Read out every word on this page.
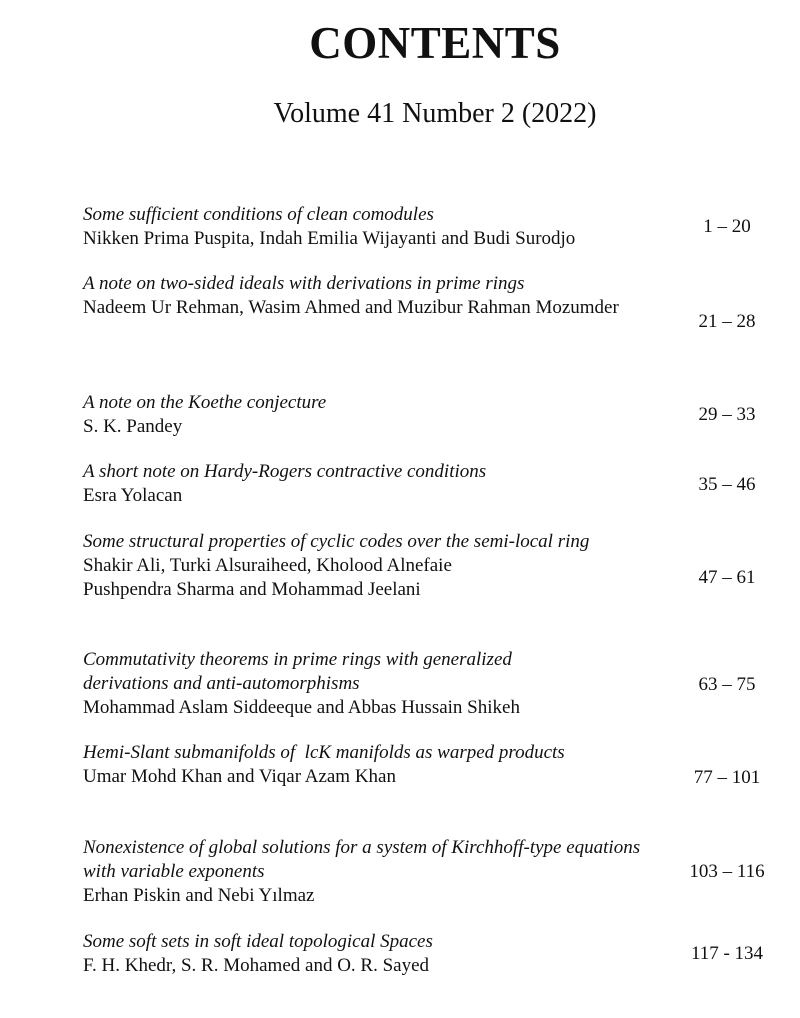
CONTENTS
Volume 41 Number 2 (2022)
Some sufficient conditions of clean comodules
Nikken Prima Puspita, Indah Emilia Wijayanti and Budi Surodjo
1 – 20
A note on two-sided ideals with derivations in prime rings
Nadeem Ur Rehman, Wasim Ahmed and Muzibur Rahman Mozumder
21 – 28
A note on the Koethe conjecture
S. K. Pandey
29 – 33
A short note on Hardy-Rogers contractive conditions
Esra Yolacan
35 – 46
Some structural properties of cyclic codes over the semi-local ring
Shakir Ali, Turki Alsuraiheed, Kholood Alnefaie Pushpendra Sharma and Mohammad Jeelani
47 – 61
Commutativity theorems in prime rings with generalized derivations and anti-automorphisms
Mohammad Aslam Siddeeque and Abbas Hussain Shikeh
63 – 75
Hemi-Slant submanifolds of  lcK manifolds as warped products
Umar Mohd Khan and Viqar Azam Khan	77 – 101
Nonexistence of global solutions for a system of Kirchhoff-type equations with variable exponents
Erhan Piskin and Nebi Yılmaz
103 – 116
Some soft sets in soft ideal topological Spaces
F. H. Khedr, S. R. Mohamed and O. R. Sayed
117 - 134
